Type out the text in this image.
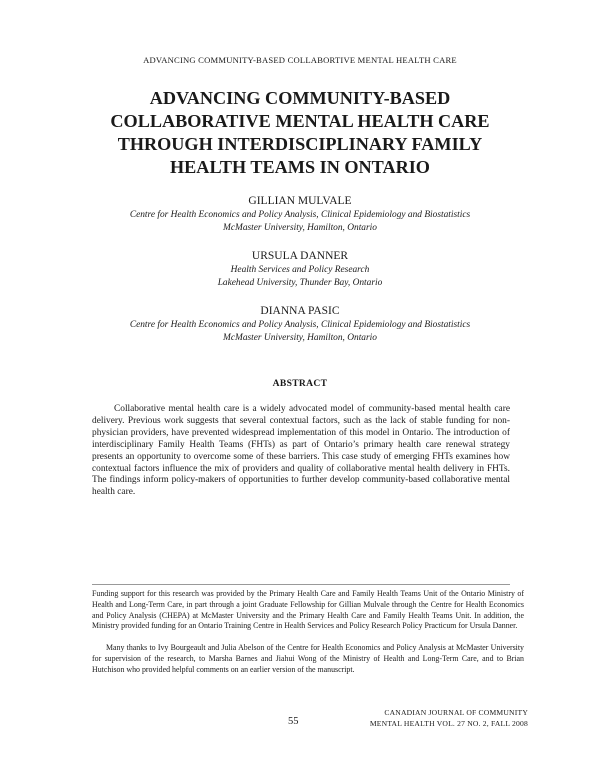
ADVANCING COMMUNITY-BASED COLLABORTIVE MENTAL HEALTH CARE
ADVANCING COMMUNITY-BASED
COLLABORATIVE MENTAL HEALTH CARE
THROUGH INTERDISCIPLINARY FAMILY
HEALTH TEAMS IN ONTARIO
GILLIAN MULVALE
Centre for Health Economics and Policy Analysis, Clinical Epidemiology and Biostatistics
McMaster University, Hamilton, Ontario
URSULA DANNER
Health Services and Policy Research
Lakehead University, Thunder Bay, Ontario
DIANNA PASIC
Centre for Health Economics and Policy Analysis, Clinical Epidemiology and Biostatistics
McMaster University, Hamilton, Ontario
ABSTRACT

Collaborative mental health care is a widely advocated model of community-based mental health care delivery. Previous work suggests that several contextual factors, such as the lack of stable funding for non-physician providers, have prevented widespread implementation of this model in Ontario. The introduction of interdisciplinary Family Health Teams (FHTs) as part of Ontario’s primary health care renewal strategy presents an opportunity to overcome some of these barriers. This case study of emerging FHTs examines how contextual factors influence the mix of providers and quality of collaborative mental health delivery in FHTs. The findings inform policy-makers of opportunities to further develop community-based collaborative mental health care.

Funding support for this research was provided by the Primary Health Care and Family Health Teams Unit of the Ontario Ministry of Health and Long-Term Care, in part through a joint Graduate Fellowship for Gillian Mulvale through the Centre for Health Economics and Policy Analysis (CHEPA) at McMaster University and the Primary Health Care and Family Health Teams Unit. In addition, the Ministry provided funding for an Ontario Training Centre in Health Services and Policy Research Policy Practicum for Ursula Danner.

Many thanks to Ivy Bourgeault and Julia Abelson of the Centre for Health Economics and Policy Analysis at McMaster University for supervision of the research, to Marsha Barnes and Jiahui Wong of the Ministry of Health and Long-Term Care, and to Brian Hutchison who provided helpful comments on an earlier version of the manuscript.

55
CANADIAN JOURNAL OF COMMUNITY
MENTAL HEALTH VOL. 27 NO. 2, FALL 2008
